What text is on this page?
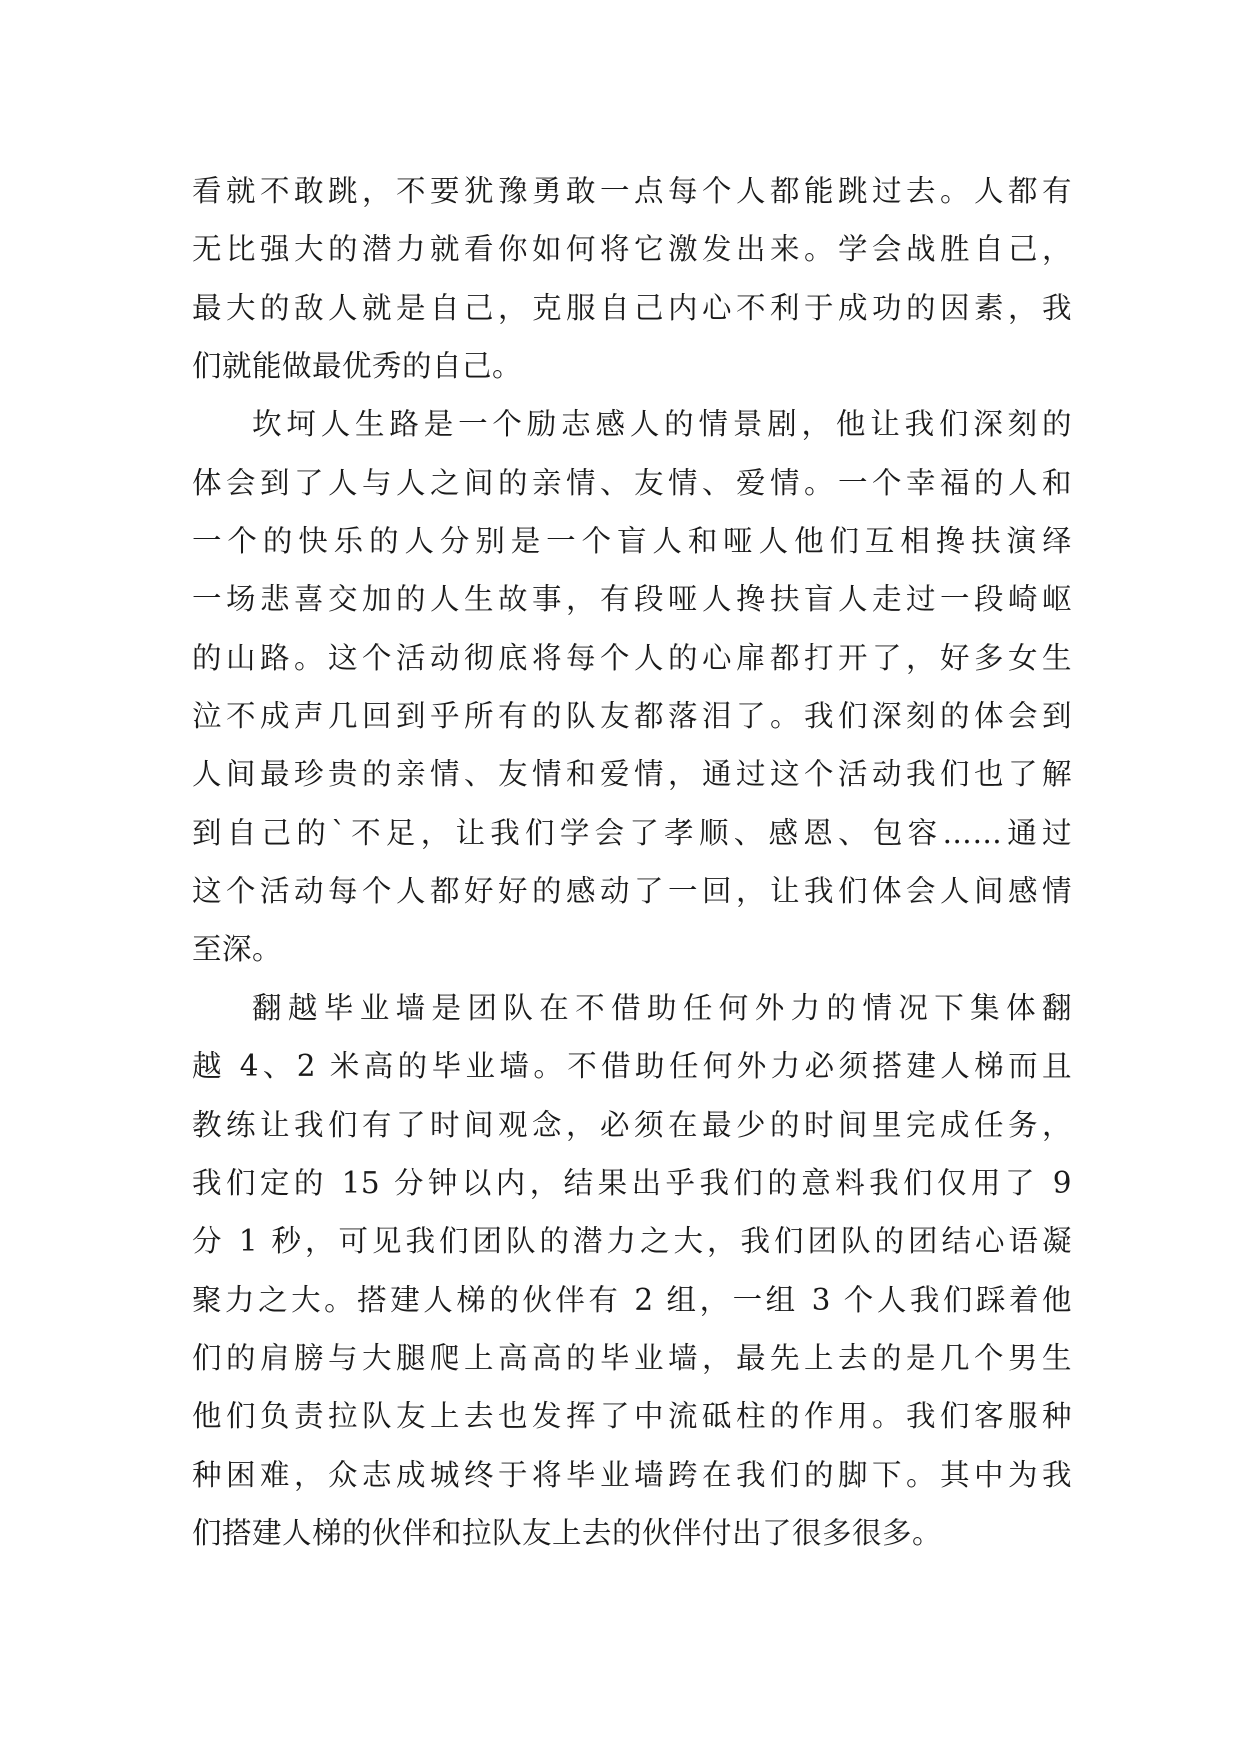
看就不敢跳，不要犹豫勇敢一点每个人都能跳过去。人都有
无比强大的潜力就看你如何将它激发出来。学会战胜自己，
最大的敌人就是自己，克服自己内心不利于成功的因素，我
们就能做最优秀的自己。
坎坷人生路是一个励志感人的情景剧，他让我们深刻的
体会到了人与人之间的亲情、友情、爱情。一个幸福的人和
一个的快乐的人分别是一个盲人和哑人他们互相搀扶演绎
一场悲喜交加的人生故事，有段哑人搀扶盲人走过一段崎岖
的山路。这个活动彻底将每个人的心扉都打开了，好多女生
泣不成声几回到乎所有的队友都落泪了。我们深刻的体会到
人间最珍贵的亲情、友情和爱情，通过这个活动我们也了解
到自己的`不足，让我们学会了孝顺、感恩、包容……通过
这个活动每个人都好好的感动了一回，让我们体会人间感情
至深。
翻越毕业墙是团队在不借助任何外力的情况下集体翻
越 4、2 米高的毕业墙。不借助任何外力必须搭建人梯而且
教练让我们有了时间观念，必须在最少的时间里完成任务，
我们定的 15 分钟以内，结果出乎我们的意料我们仅用了 9
分 1 秒，可见我们团队的潜力之大，我们团队的团结心语凝
聚力之大。搭建人梯的伙伴有 2 组，一组 3 个人我们踩着他
们的肩膀与大腿爬上高高的毕业墙，最先上去的是几个男生
他们负责拉队友上去也发挥了中流砥柱的作用。我们客服种
种困难，众志成城终于将毕业墙跨在我们的脚下。其中为我
们搭建人梯的伙伴和拉队友上去的伙伴付出了很多很多。
